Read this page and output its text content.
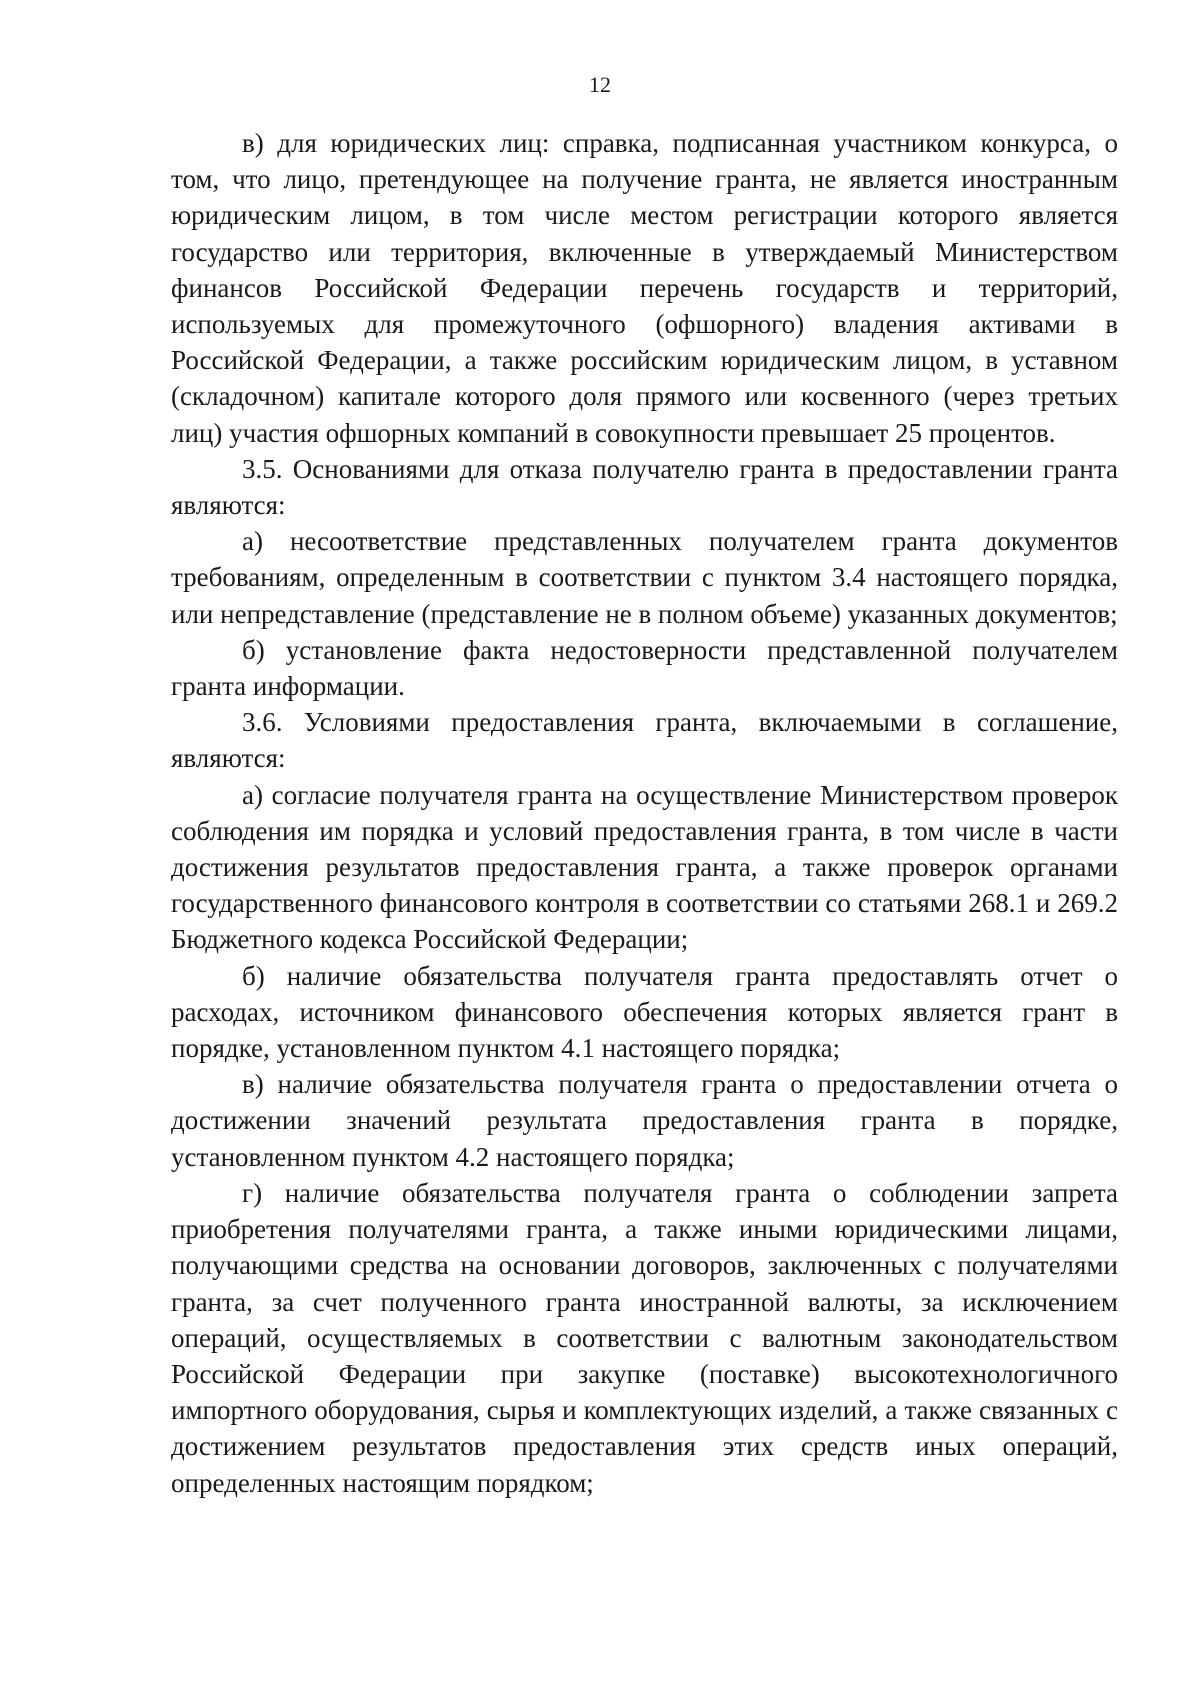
12

в) для юридических лиц: справка, подписанная участником конкурса, о том, что лицо, претендующее на получение гранта, не является иностранным юридическим лицом, в том числе местом регистрации которого является государство или территория, включенные в утверждаемый Министерством финансов Российской Федерации перечень государств и территорий, используемых для промежуточного (офшорного) владения активами в Российской Федерации, а также российским юридическим лицом, в уставном (складочном) капитале которого доля прямого или косвенного (через третьих лиц) участия офшорных компаний в совокупности превышает 25 процентов.

3.5. Основаниями для отказа получателю гранта в предоставлении гранта являются:

а) несоответствие представленных получателем гранта документов требованиям, определенным в соответствии с пунктом 3.4 настоящего порядка, или непредставление (представление не в полном объеме) указанных документов;

б) установление факта недостоверности представленной получателем гранта информации.

3.6. Условиями предоставления гранта, включаемыми в соглашение, являются:

а) согласие получателя гранта на осуществление Министерством проверок соблюдения им порядка и условий предоставления гранта, в том числе в части достижения результатов предоставления гранта, а также проверок органами государственного финансового контроля в соответствии со статьями 268.1 и 269.2 Бюджетного кодекса Российской Федерации;

б) наличие обязательства получателя гранта предоставлять отчет о расходах, источником финансового обеспечения которых является грант в порядке, установленном пунктом 4.1 настоящего порядка;

в) наличие обязательства получателя гранта о предоставлении отчета о достижении значений результата предоставления гранта в порядке, установленном пунктом 4.2 настоящего порядка;

г) наличие обязательства получателя гранта о соблюдении запрета приобретения получателями гранта, а также иными юридическими лицами, получающими средства на основании договоров, заключенных с получателями гранта, за счет полученного гранта иностранной валюты, за исключением операций, осуществляемых в соответствии с валютным законодательством Российской Федерации при закупке (поставке) высокотехнологичного импортного оборудования, сырья и комплектующих изделий, а также связанных с достижением результатов предоставления этих средств иных операций, определенных настоящим порядком;
